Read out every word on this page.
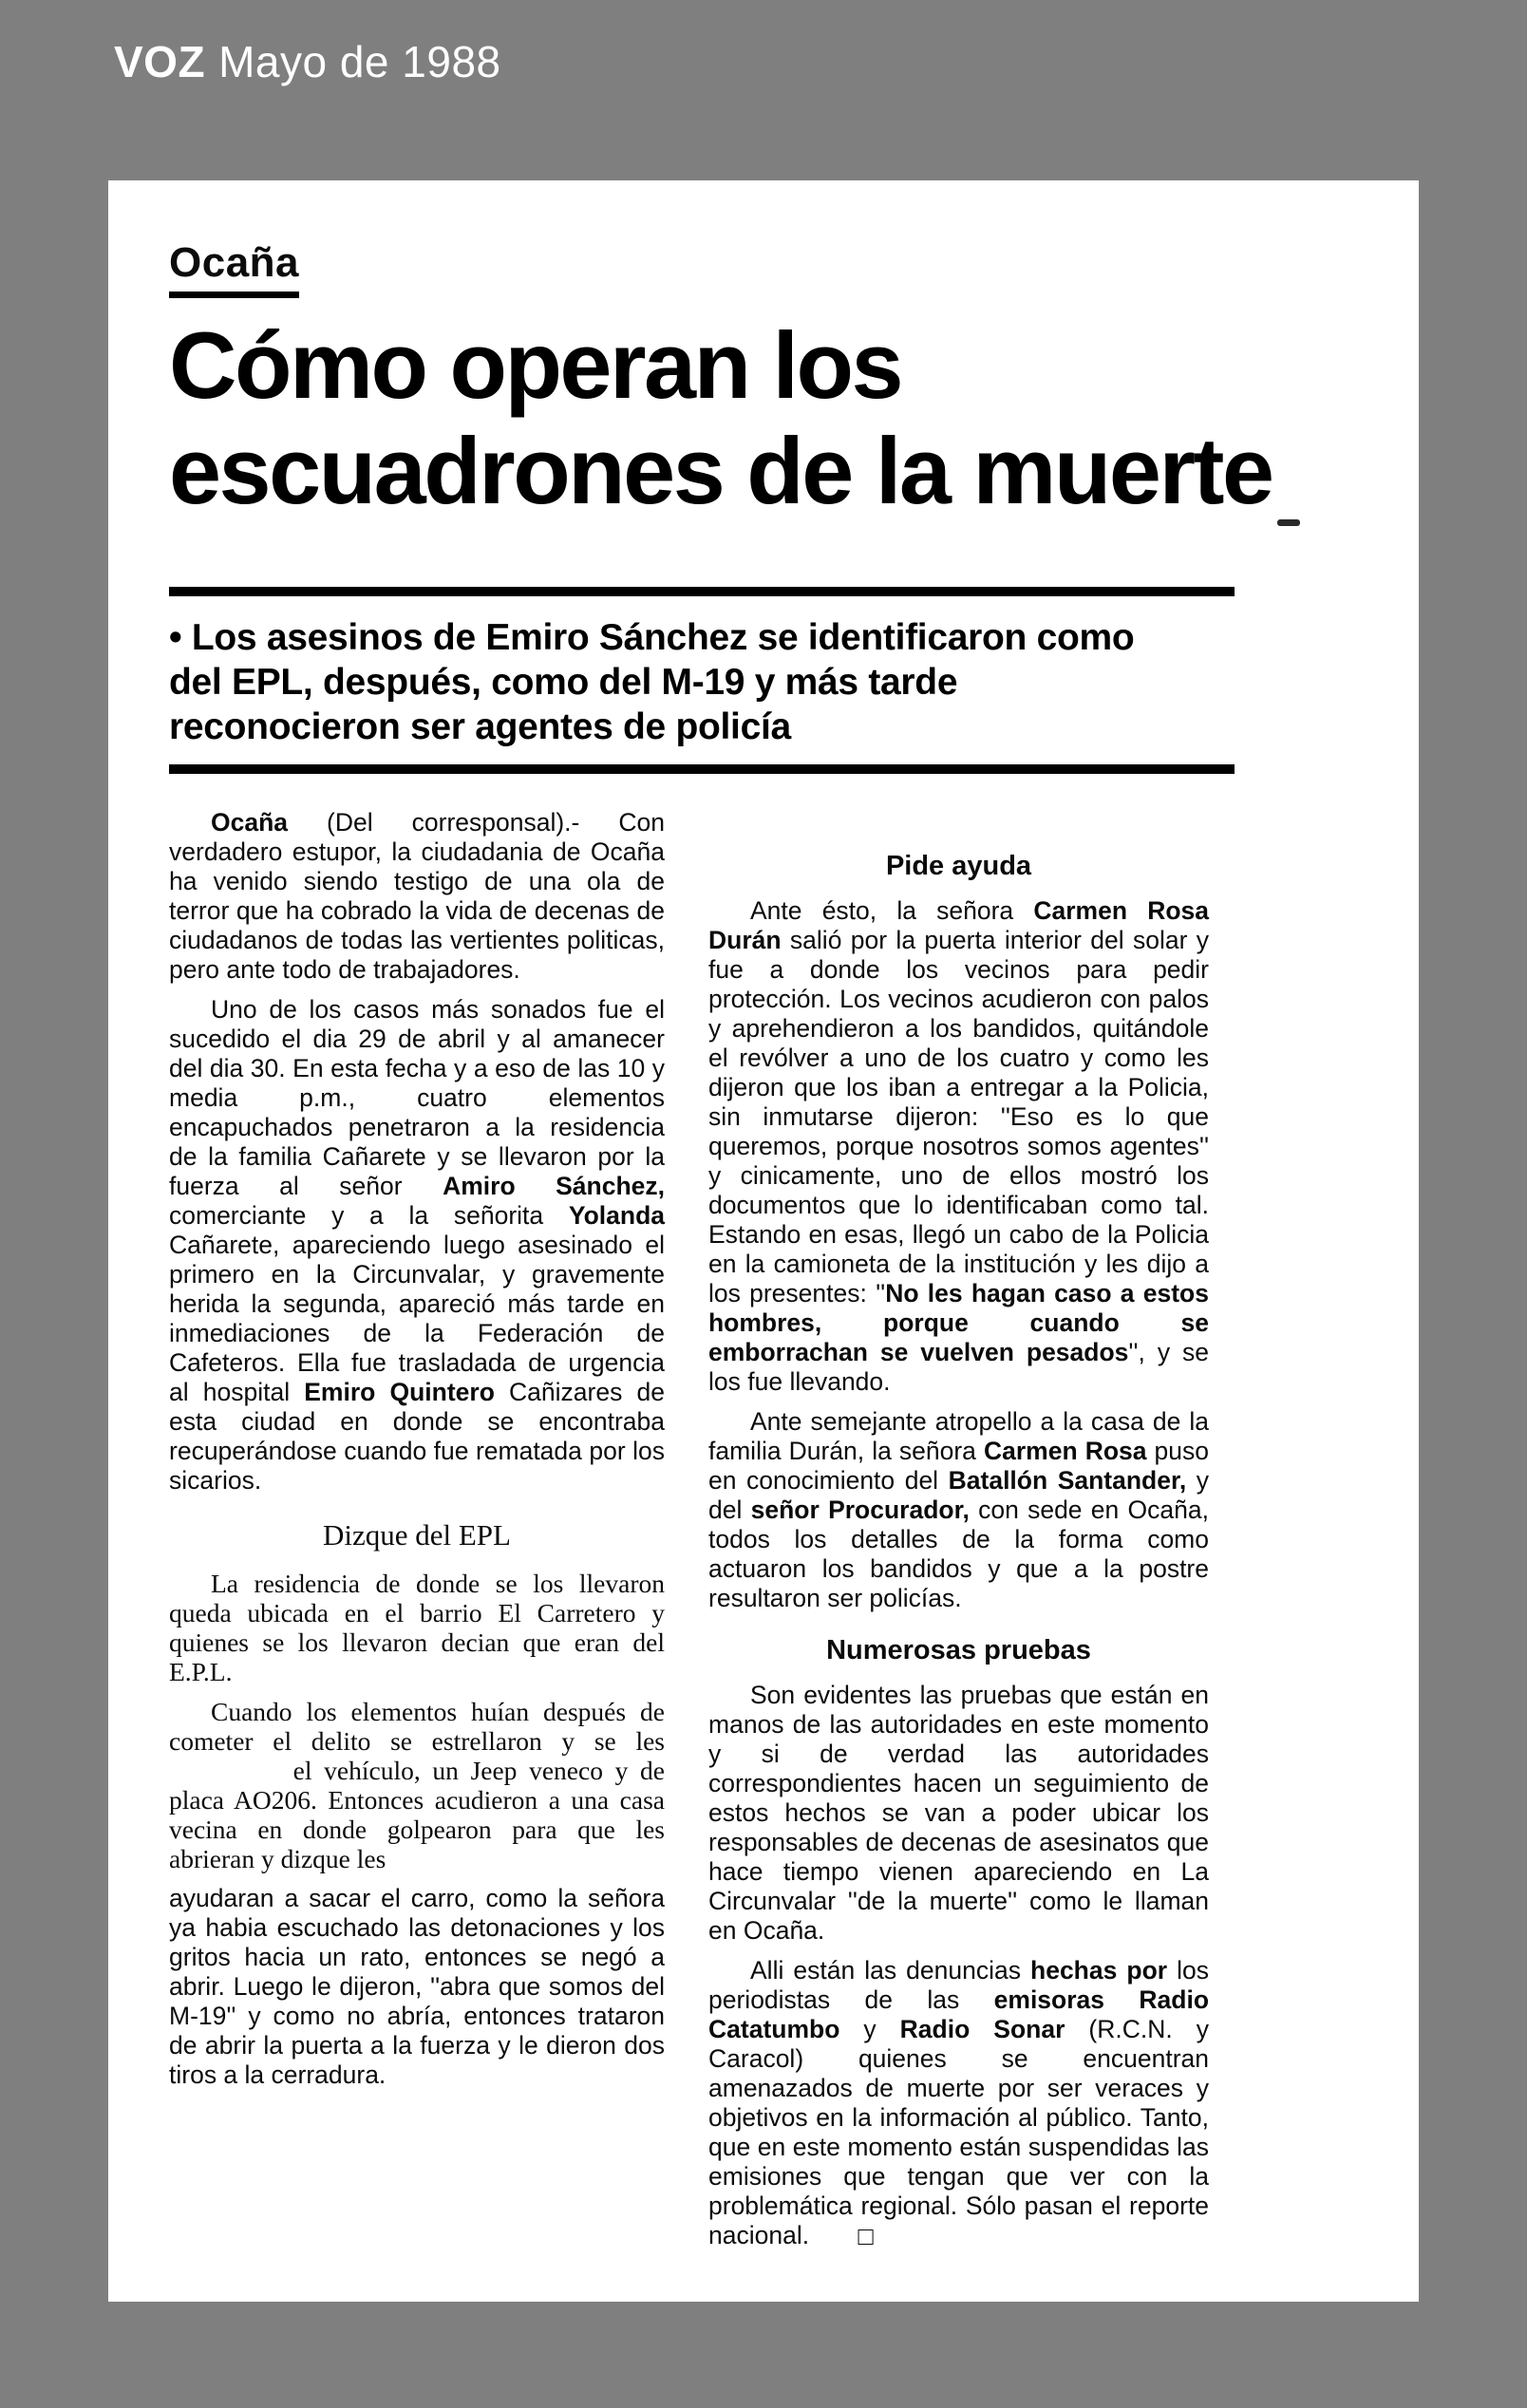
VOZ Mayo de 1988
Ocaña
Cómo operan los
escuadrones de la muerte
• Los asesinos de Emiro Sánchez se identificaron como
del EPL, después, como del M-19 y más tarde
reconocieron ser agentes de policía

Ocaña (Del corresponsal).- Con verdadero estupor, la ciudadania de Ocaña ha venido siendo testigo de una ola de terror que ha cobrado la vida de decenas de ciudadanos de todas las vertientes politicas, pero ante todo de trabajadores.

Uno de los casos más sonados fue el sucedido el dia 29 de abril y al amanecer del dia 30. En esta fecha y a eso de las 10 y media p.m., cuatro elementos encapuchados penetraron a la residencia de la familia Cañarete y se llevaron por la fuerza al señor Amiro Sánchez, comerciante y a la señorita Yolanda Cañarete, apareciendo luego asesinado el primero en la Circunvalar, y gravemente herida la segunda, apareció más tarde en inmediaciones de la Federación de Cafeteros. Ella fue trasladada de urgencia al hospital Emiro Quintero Cañizares de esta ciudad en donde se encontraba recuperándose cuando fue rematada por los sicarios.

Dizque del EPL

La residencia de donde se los llevaron queda ubicada en el barrio El Carretero y quienes se los llevaron decian que eran del E.P.L.

Cuando los elementos huían después de cometer el delito se estrellaron y se les el vehículo, un Jeep veneco y de placa AO206. Entonces acudieron a una casa vecina en donde golpearon para que les abrieran y dizque les

ayudaran a sacar el carro, como la señora ya habia escuchado las detonaciones y los gritos hacia un rato, entonces se negó a abrir. Luego le dijeron, ''abra que somos del M-19'' y como no abría, entonces trataron de abrir la puerta a la fuerza y le dieron dos tiros a la cerradura.

Pide ayuda

Ante ésto, la señora Carmen Rosa Durán salió por la puerta interior del solar y fue a donde los vecinos para pedir protección. Los vecinos acudieron con palos y aprehendieron a los bandidos, quitándole el revólver a uno de los cuatro y como les dijeron que los iban a entregar a la Policia, sin inmutarse dijeron: ''Eso es lo que queremos, porque nosotros somos agentes'' y cinicamente, uno de ellos mostró los documentos que lo identificaban como tal. Estando en esas, llegó un cabo de la Policia en la camioneta de la institución y les dijo a los presentes: ''No les hagan caso a estos hombres, porque cuando se emborrachan se vuelven pesados'', y se los fue llevando.

Ante semejante atropello a la casa de la familia Durán, la señora Carmen Rosa puso en conocimiento del Batallón Santander, y del señor Procurador, con sede en Ocaña, todos los detalles de la forma como actuaron los bandidos y que a la postre resultaron ser policías.

Numerosas pruebas

Son evidentes las pruebas que están en manos de las autoridades en este momento y si de verdad las autoridades correspondientes hacen un seguimiento de estos hechos se van a poder ubicar los responsables de decenas de asesinatos que hace tiempo vienen apareciendo en La Circunvalar ''de la muerte'' como le llaman en Ocaña.

Alli están las denuncias hechas por los periodistas de las emisoras Radio Catatumbo y Radio Sonar (R.C.N. y Caracol) quienes se encuentran amenazados de muerte por ser veraces y objetivos en la información al público. Tanto, que en este momento están suspendidas las emisiones que tengan que ver con la problemática regional. Sólo pasan el reporte nacional. □
